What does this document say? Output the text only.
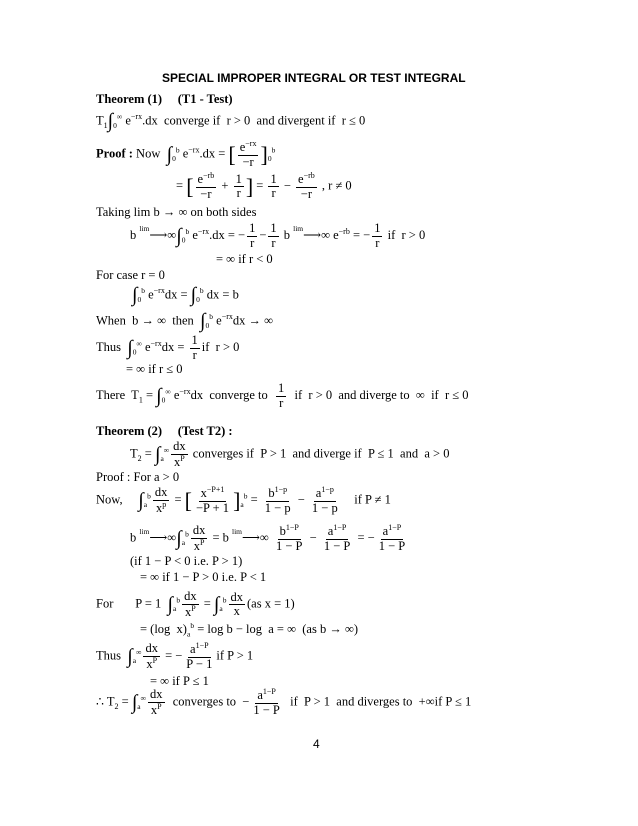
SPECIAL IMPROPER INTEGRAL OR TEST INTEGRAL
Theorem (1) (T1 - Test)
$T_1\int_0^\infty$ $e^{-rx}.dx$  converge if  r > 0  and divergent if  r ≤ 0
Proof : Now  $\int_0^b$ $e^{-rx}.dx$ = [ $\frac{e^{-rx}}{-r} ]_0^b$
= [ $\frac{e^{-rb}}{-r} + \frac{1}{r}$ ] = $\frac{1}{r} - \frac{e^{-rb}}{-r}$ , r ≠ 0
Taking lim b → ∞ on both sides
b $^{lim}⟶\infty\int_0^b$ $e^{-rx}.dx$ = − $\frac{1}{r} - \frac{1}{r}$ b $^{lim}$⟶∞ $e^{-rb}$ = − $\frac{1}{r}$ if  r > 0
= ∞ if r < 0
For case r = 0
$\int_0^b$ $e^{-rx}dx = \int_0^b$ dx = b
When  b → ∞  then  $\int_0^b$ $e^{-rx}dx$ → ∞
Thus  $\int_0^\infty$ $e^{-rx}dx = \frac{1}{r}$ if  r > 0
= ∞ if r ≤ 0
There  $T_1 = \int_0^\infty$ $e^{-rx}dx$  converge to $\frac{1}{r}$ if  r > 0  and diverge to  ∞  if  r ≤ 0
Theorem (2) (Test T2) :
$T_2 = \int_a^\infty \frac{dx}{x^P}$ converges if  P > 1  and diverge if  P ≤ 1  and  a > 0
Proof : For a > 0
Now,     $\int_a^b \frac{dx}{x^p}$ = [ $\frac{x^{-P+1}}{-P + 1} ]_a^b = \frac{b^{1-p}}{1 - p} - \frac{a^{1-p}}{1 - p}$ if P ≠ 1
b $^{lim}⟶\infty\int_a^b \frac{dx}{x^P} = b$ $^{lim}$⟶∞ $\frac{b^{1-P}}{1 - P} - \frac{a^{1-P}}{1 - P}$ = − $\frac{a^{1-P}}{1 - P}$
(if 1 − P < 0 i.e. P > 1)
= ∞ if 1 − P > 0 i.e. P < 1
For       P = 1  $\int_a^b \frac{dx}{x^P} = \int_a^b \frac{dx}{x} (as$ x = 1)
= (log  $x)_a^b = \log b - \log a$ = ∞  (as b → ∞)
Thus  $\int_a^\infty \frac{dx}{x^P}$ = − $\frac{a^{1-P}}{P - 1}$ if P > 1
= ∞ if P ≤ 1
∴ $T_2 = \int_a^\infty \frac{dx}{x^P}$ converges to  − $\frac{a^{1-P}}{1 - P}$ if  P > 1  and diverges to  +∞if P ≤ 1
4
